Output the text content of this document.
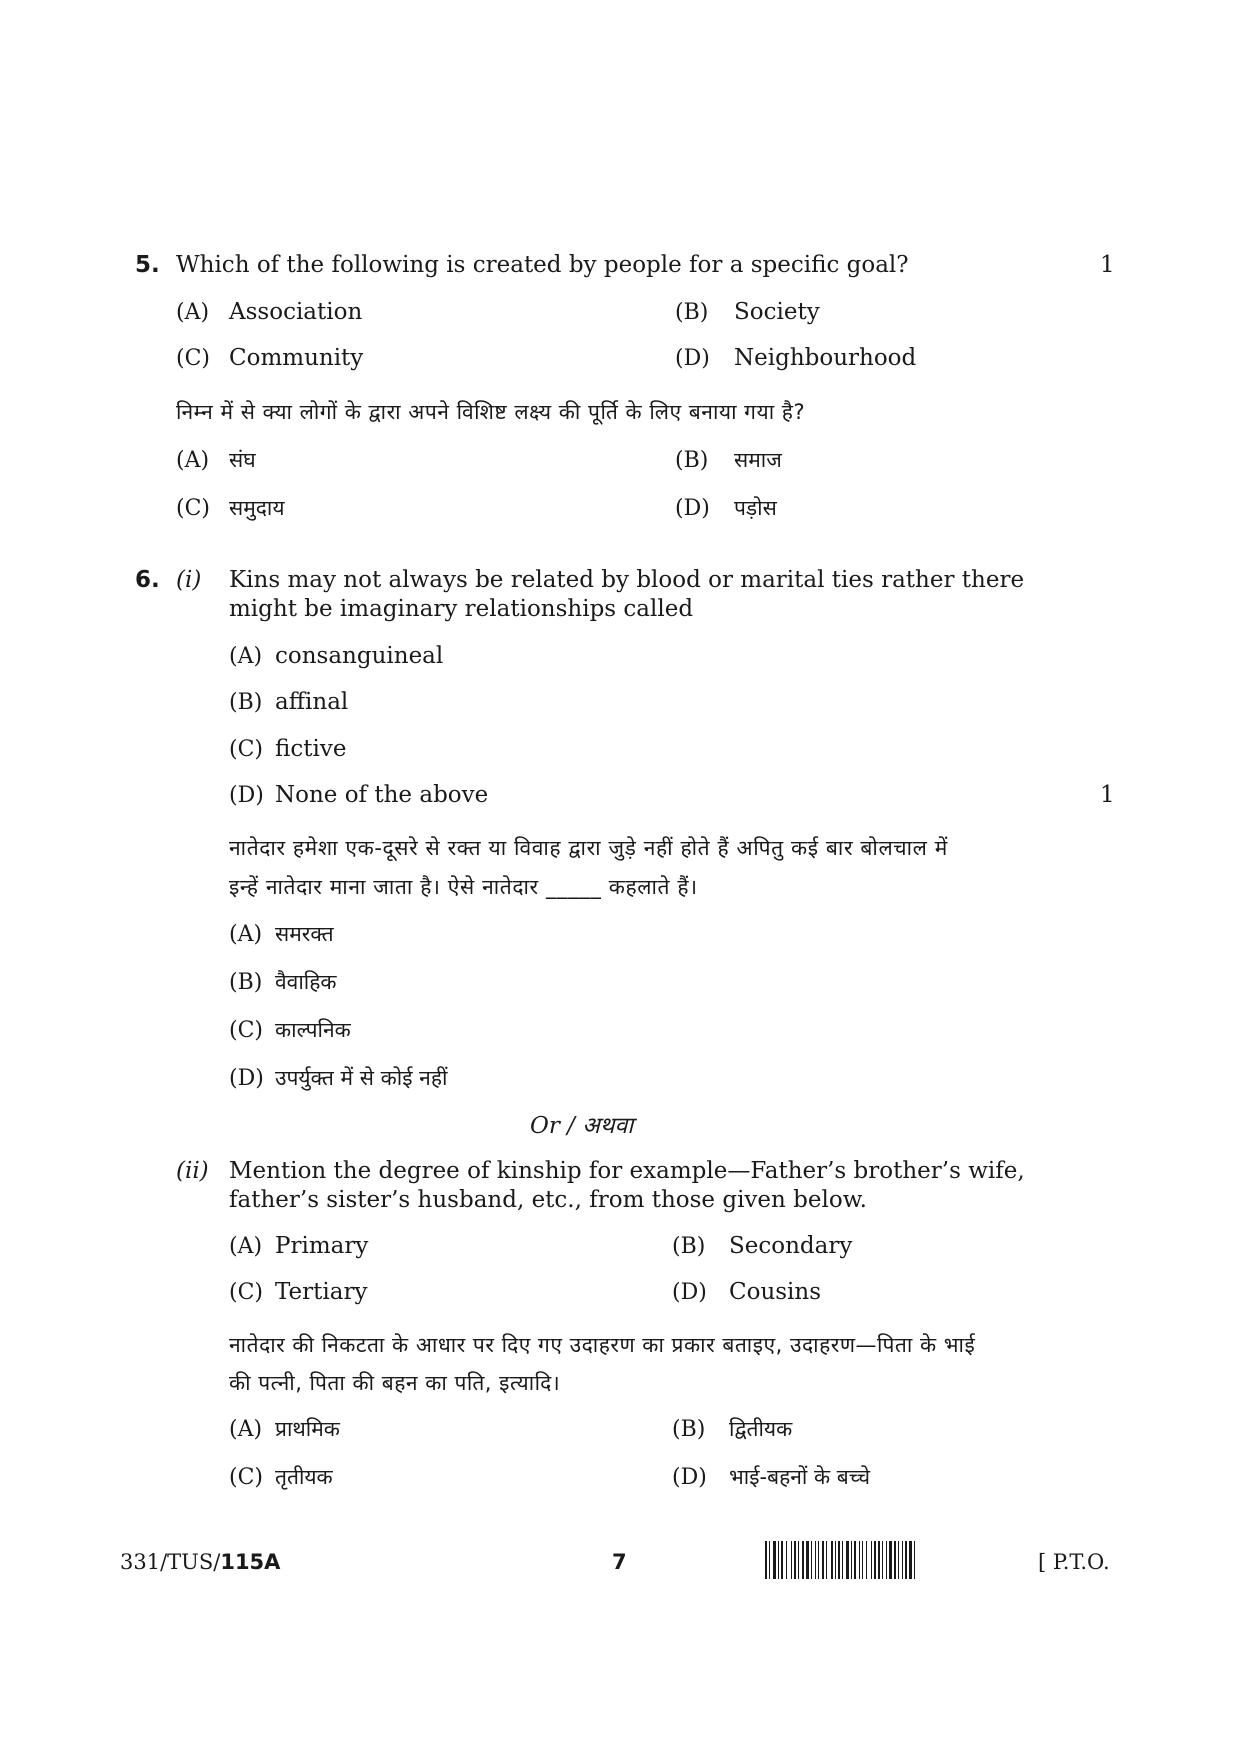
5. Which of the following is created by people for a specific goal?	1
(A) Association	(B) Society
(C) Community	(D) Neighbourhood
निम्न में से क्या लोगों के द्वारा अपने विशिष्ट लक्ष्य की पूर्ति के लिए बनाया गया है?
(A) संघ	(B) समाज
(C) समुदाय	(D) पड़ोस
6. (i) Kins may not always be related by blood or marital ties rather there
might be imaginary relationships called
(A) consanguineal
(B) affinal
(C) fictive
(D) None of the above	1
नातेदार हमेशा एक-दूसरे से रक्त या विवाह द्वारा जुड़े नहीं होते हैं अपितु कई बार बोलचाल में
इन्हें नातेदार माना जाता है। ऐसे नातेदार _____ कहलाते हैं।
(A) समरक्त
(B) वैवाहिक
(C) काल्पनिक
(D) उपर्युक्त में से कोई नहीं
Or / अथवा
(ii) Mention the degree of kinship for example—Father’s brother’s wife,
father’s sister’s husband, etc., from those given below.
(A) Primary	(B) Secondary
(C) Tertiary	(D) Cousins
नातेदार की निकटता के आधार पर दिए गए उदाहरण का प्रकार बताइए, उदाहरण—पिता के भाई
की पत्नी, पिता की बहन का पति, इत्यादि।
(A) प्राथमिक	(B) द्वितीयक
(C) तृतीयक	(D) भाई-बहनों के बच्चे
331/TUS/115A	7	[ P.T.O.
